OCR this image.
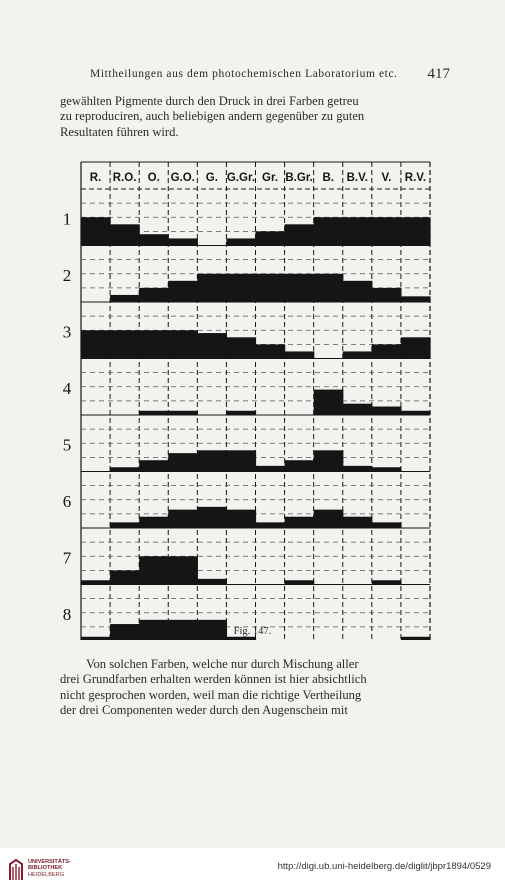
Mittheilungen aus dem photochemischen Laboratorium etc. 417
gewählten Pigmente durch den Druck in drei Farben getreu
zu reproduciren, auch beliebigen andern gegenüber zu guten
Resultaten führen wird.
R. R.O. O. G.O. G. G.Gr. Gr. B.Gr. B. B.V. V. R.V.
1
2
3
4
5
6
7
8
Fig. 147.
Von solchen Farben, welche nur durch Mischung aller
drei Grundfarben erhalten werden können ist hier absichtlich
nicht gesprochen worden, weil man die richtige Vertheilung
der drei Componenten weder durch den Augenschein mit
UNIVERSITÄTS-
BIBLIOTHEK
HEIDELBERG
http://digi.ub.uni-heidelberg.de/diglit/jbpr1894/0529
